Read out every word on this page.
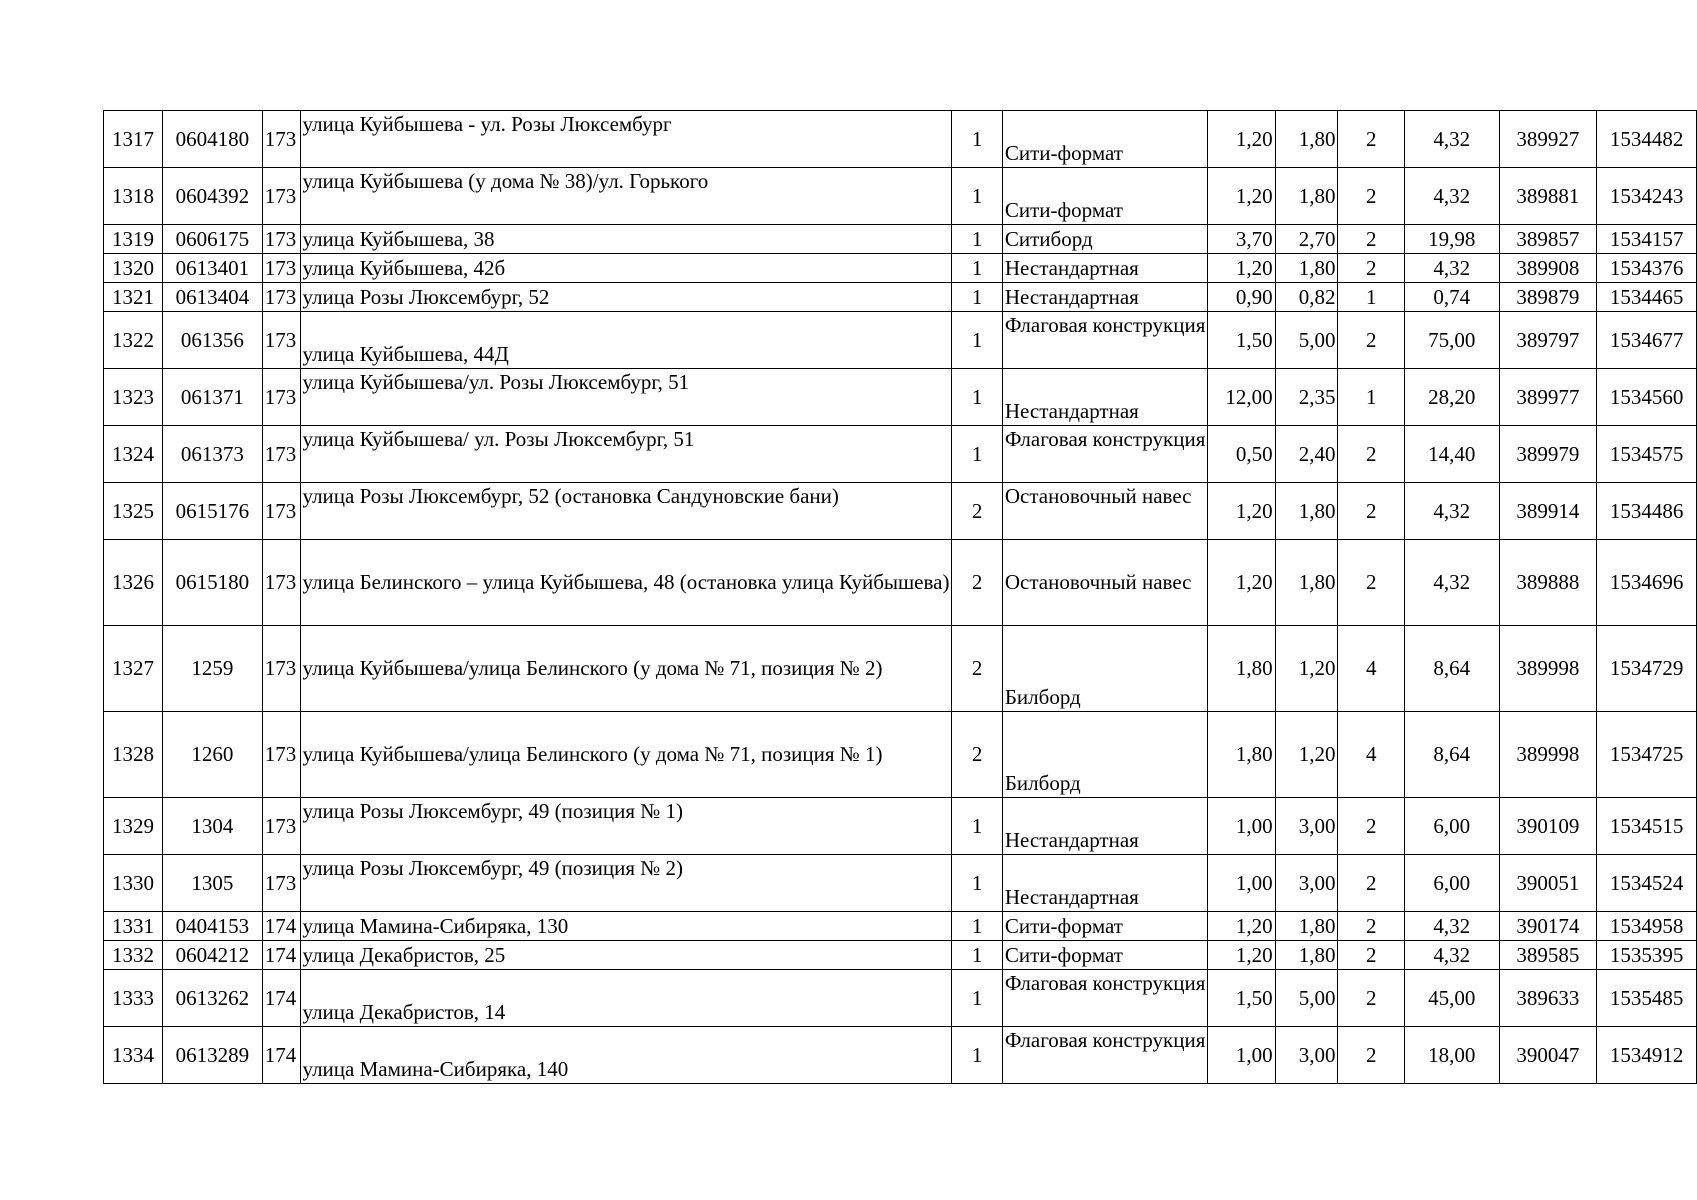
1317	0604180	173	улица Куйбышева - ул. Розы Люксембург	1	Сити-формат	1,20	1,80	2	4,32	389927	1534482
1318	0604392	173	улица Куйбышева (у дома № 38)/ул. Горького	1	Сити-формат	1,20	1,80	2	4,32	389881	1534243
1319	0606175	173	улица Куйбышева, 38	1	Ситиборд	3,70	2,70	2	19,98	389857	1534157
1320	0613401	173	улица Куйбышева, 42б	1	Нестандартная	1,20	1,80	2	4,32	389908	1534376
1321	0613404	173	улица Розы Люксембург, 52	1	Нестандартная	0,90	0,82	1	0,74	389879	1534465
1322	061356	173	улица Куйбышева, 44Д	1	Флаговая конструкция	1,50	5,00	2	75,00	389797	1534677
1323	061371	173	улица Куйбышева/ул. Розы Люксембург, 51	1	Нестандартная	12,00	2,35	1	28,20	389977	1534560
1324	061373	173	улица Куйбышева/ ул. Розы Люксембург, 51	1	Флаговая конструкция	0,50	2,40	2	14,40	389979	1534575
1325	0615176	173	улица Розы Люксембург, 52 (остановка Сандуновские бани)	2	Остановочный навес	1,20	1,80	2	4,32	389914	1534486
1326	0615180	173	улица Белинского – улица Куйбышева, 48 (остановка улица Куйбышева)	2	Остановочный навес	1,20	1,80	2	4,32	389888	1534696
1327	1259	173	улица Куйбышева/улица Белинского (у дома № 71, позиция № 2)	2	Билборд	1,80	1,20	4	8,64	389998	1534729
1328	1260	173	улица Куйбышева/улица Белинского (у дома № 71, позиция № 1)	2	Билборд	1,80	1,20	4	8,64	389998	1534725
1329	1304	173	улица Розы Люксембург, 49 (позиция № 1)	1	Нестандартная	1,00	3,00	2	6,00	390109	1534515
1330	1305	173	улица Розы Люксембург, 49 (позиция № 2)	1	Нестандартная	1,00	3,00	2	6,00	390051	1534524
1331	0404153	174	улица Мамина-Сибиряка, 130	1	Сити-формат	1,20	1,80	2	4,32	390174	1534958
1332	0604212	174	улица Декабристов, 25	1	Сити-формат	1,20	1,80	2	4,32	389585	1535395
1333	0613262	174	улица Декабристов, 14	1	Флаговая конструкция	1,50	5,00	2	45,00	389633	1535485
1334	0613289	174	улица Мамина-Сибиряка, 140	1	Флаговая конструкция	1,00	3,00	2	18,00	390047	1534912
